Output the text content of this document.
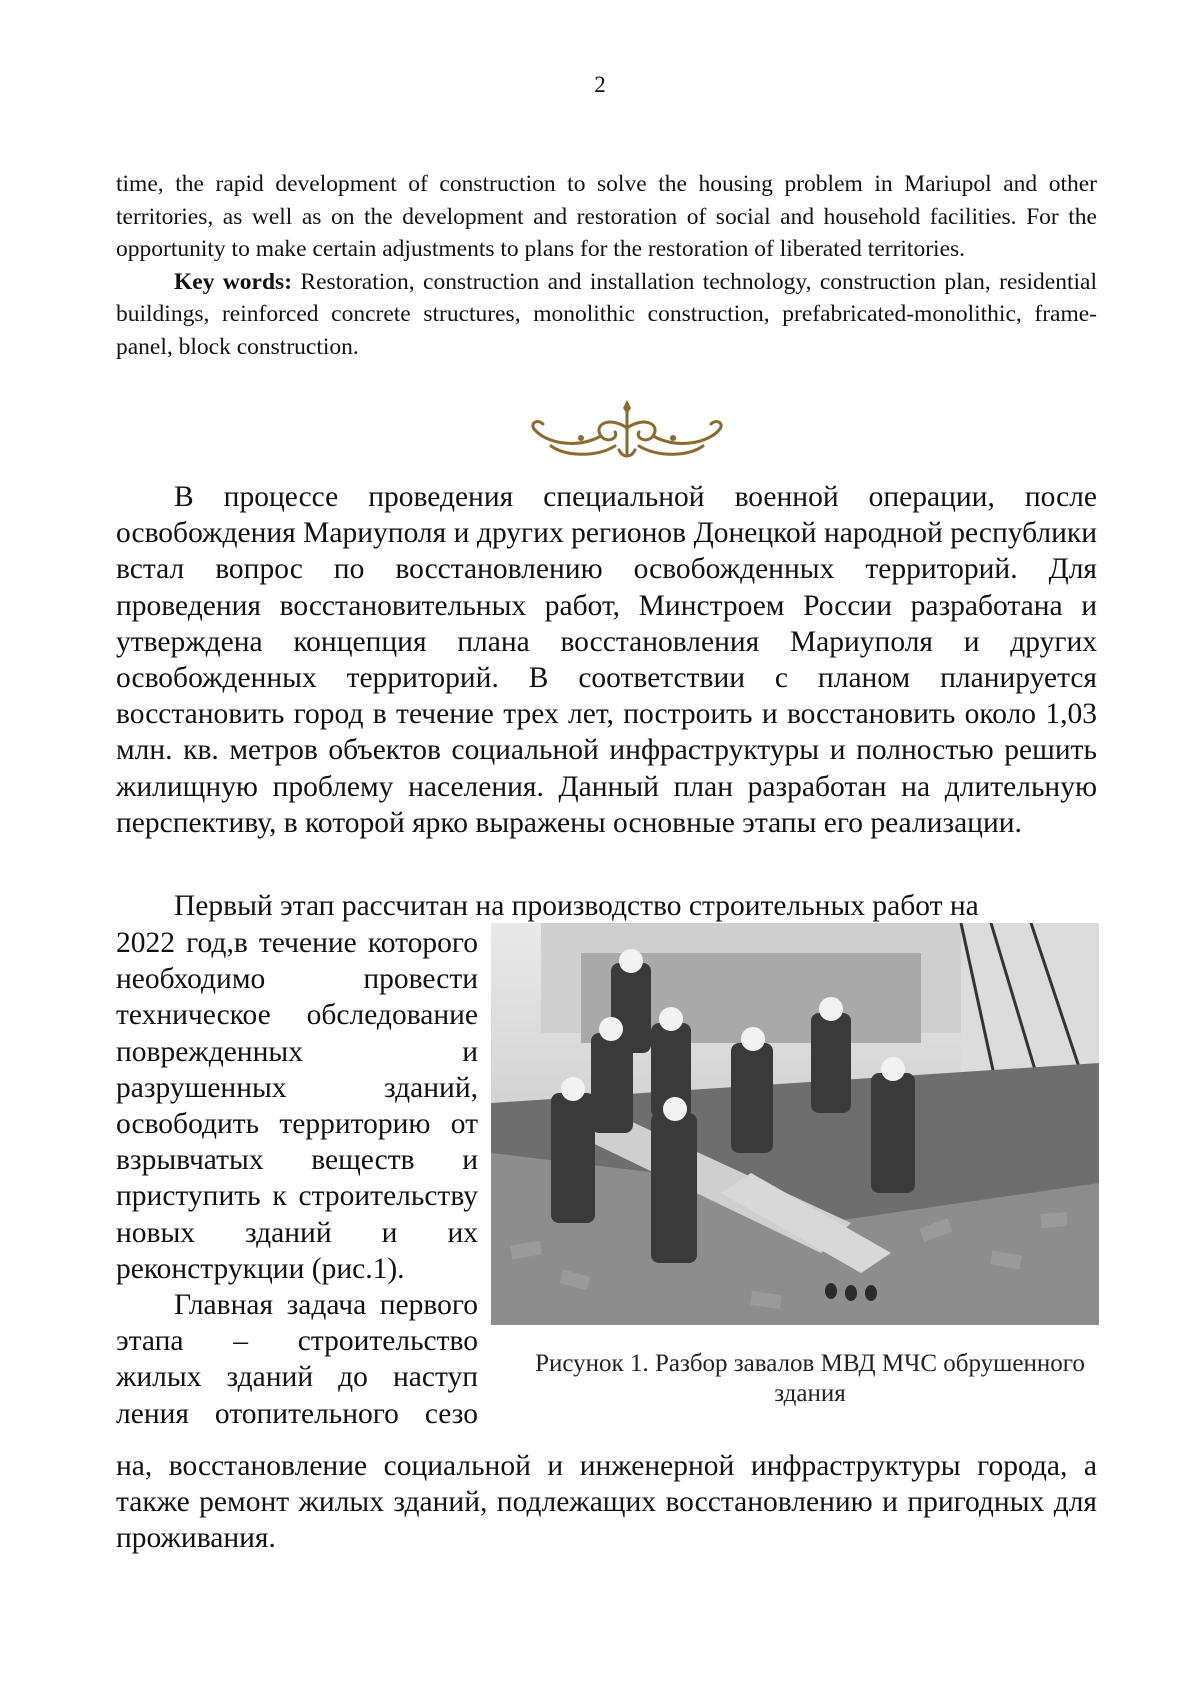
2

time, the rapid development of construction to solve the housing problem in Mariupol and other territories, as well as on the development and restoration of social and household facilities. For the opportunity to make certain adjustments to plans for the restoration of liberated territories.

Key words: Restoration, construction and installation technology, construction plan, residential buildings, reinforced concrete structures, monolithic construction, prefabricated-monolithic, frame-panel, block construction.

В процессе проведения специальной военной операции, после освобождения Мариуполя и других регионов Донецкой народной республики встал вопрос по восстановлению освобожденных территорий. Для проведения восстановительных работ, Минстроем России разработана и утверждена концепция плана восстановления Мариуполя и других освобожденных территорий. В соответствии с планом планируется восстановить город в течение трех лет, построить и восстановить около 1,03 млн. кв. метров объектов социальной инфраструктуры и полностью решить жилищную проблему населения. Данный план разработан на длительную перспективу, в которой ярко выражены основные этапы его реализации.

Первый этап рассчитан на производство строительных работ на

2022 год,в течение которого необходимо провести техническое обследование поврежденных и разрушенных зданий, освободить территорию от взрывчатых веществ и приступить к строительству новых зданий и их реконструкции (рис.1).

Главная задача первого

этапа – строительство

жилых зданий до наступ

ления отопительного сезо

Рисунок 1. Разбор завалов МВД МЧС обрушенного здания
на, восстановление социальной и инженерной инфраструктуры города, а также ремонт жилых зданий, подлежащих восстановлению и пригодных для проживания.
